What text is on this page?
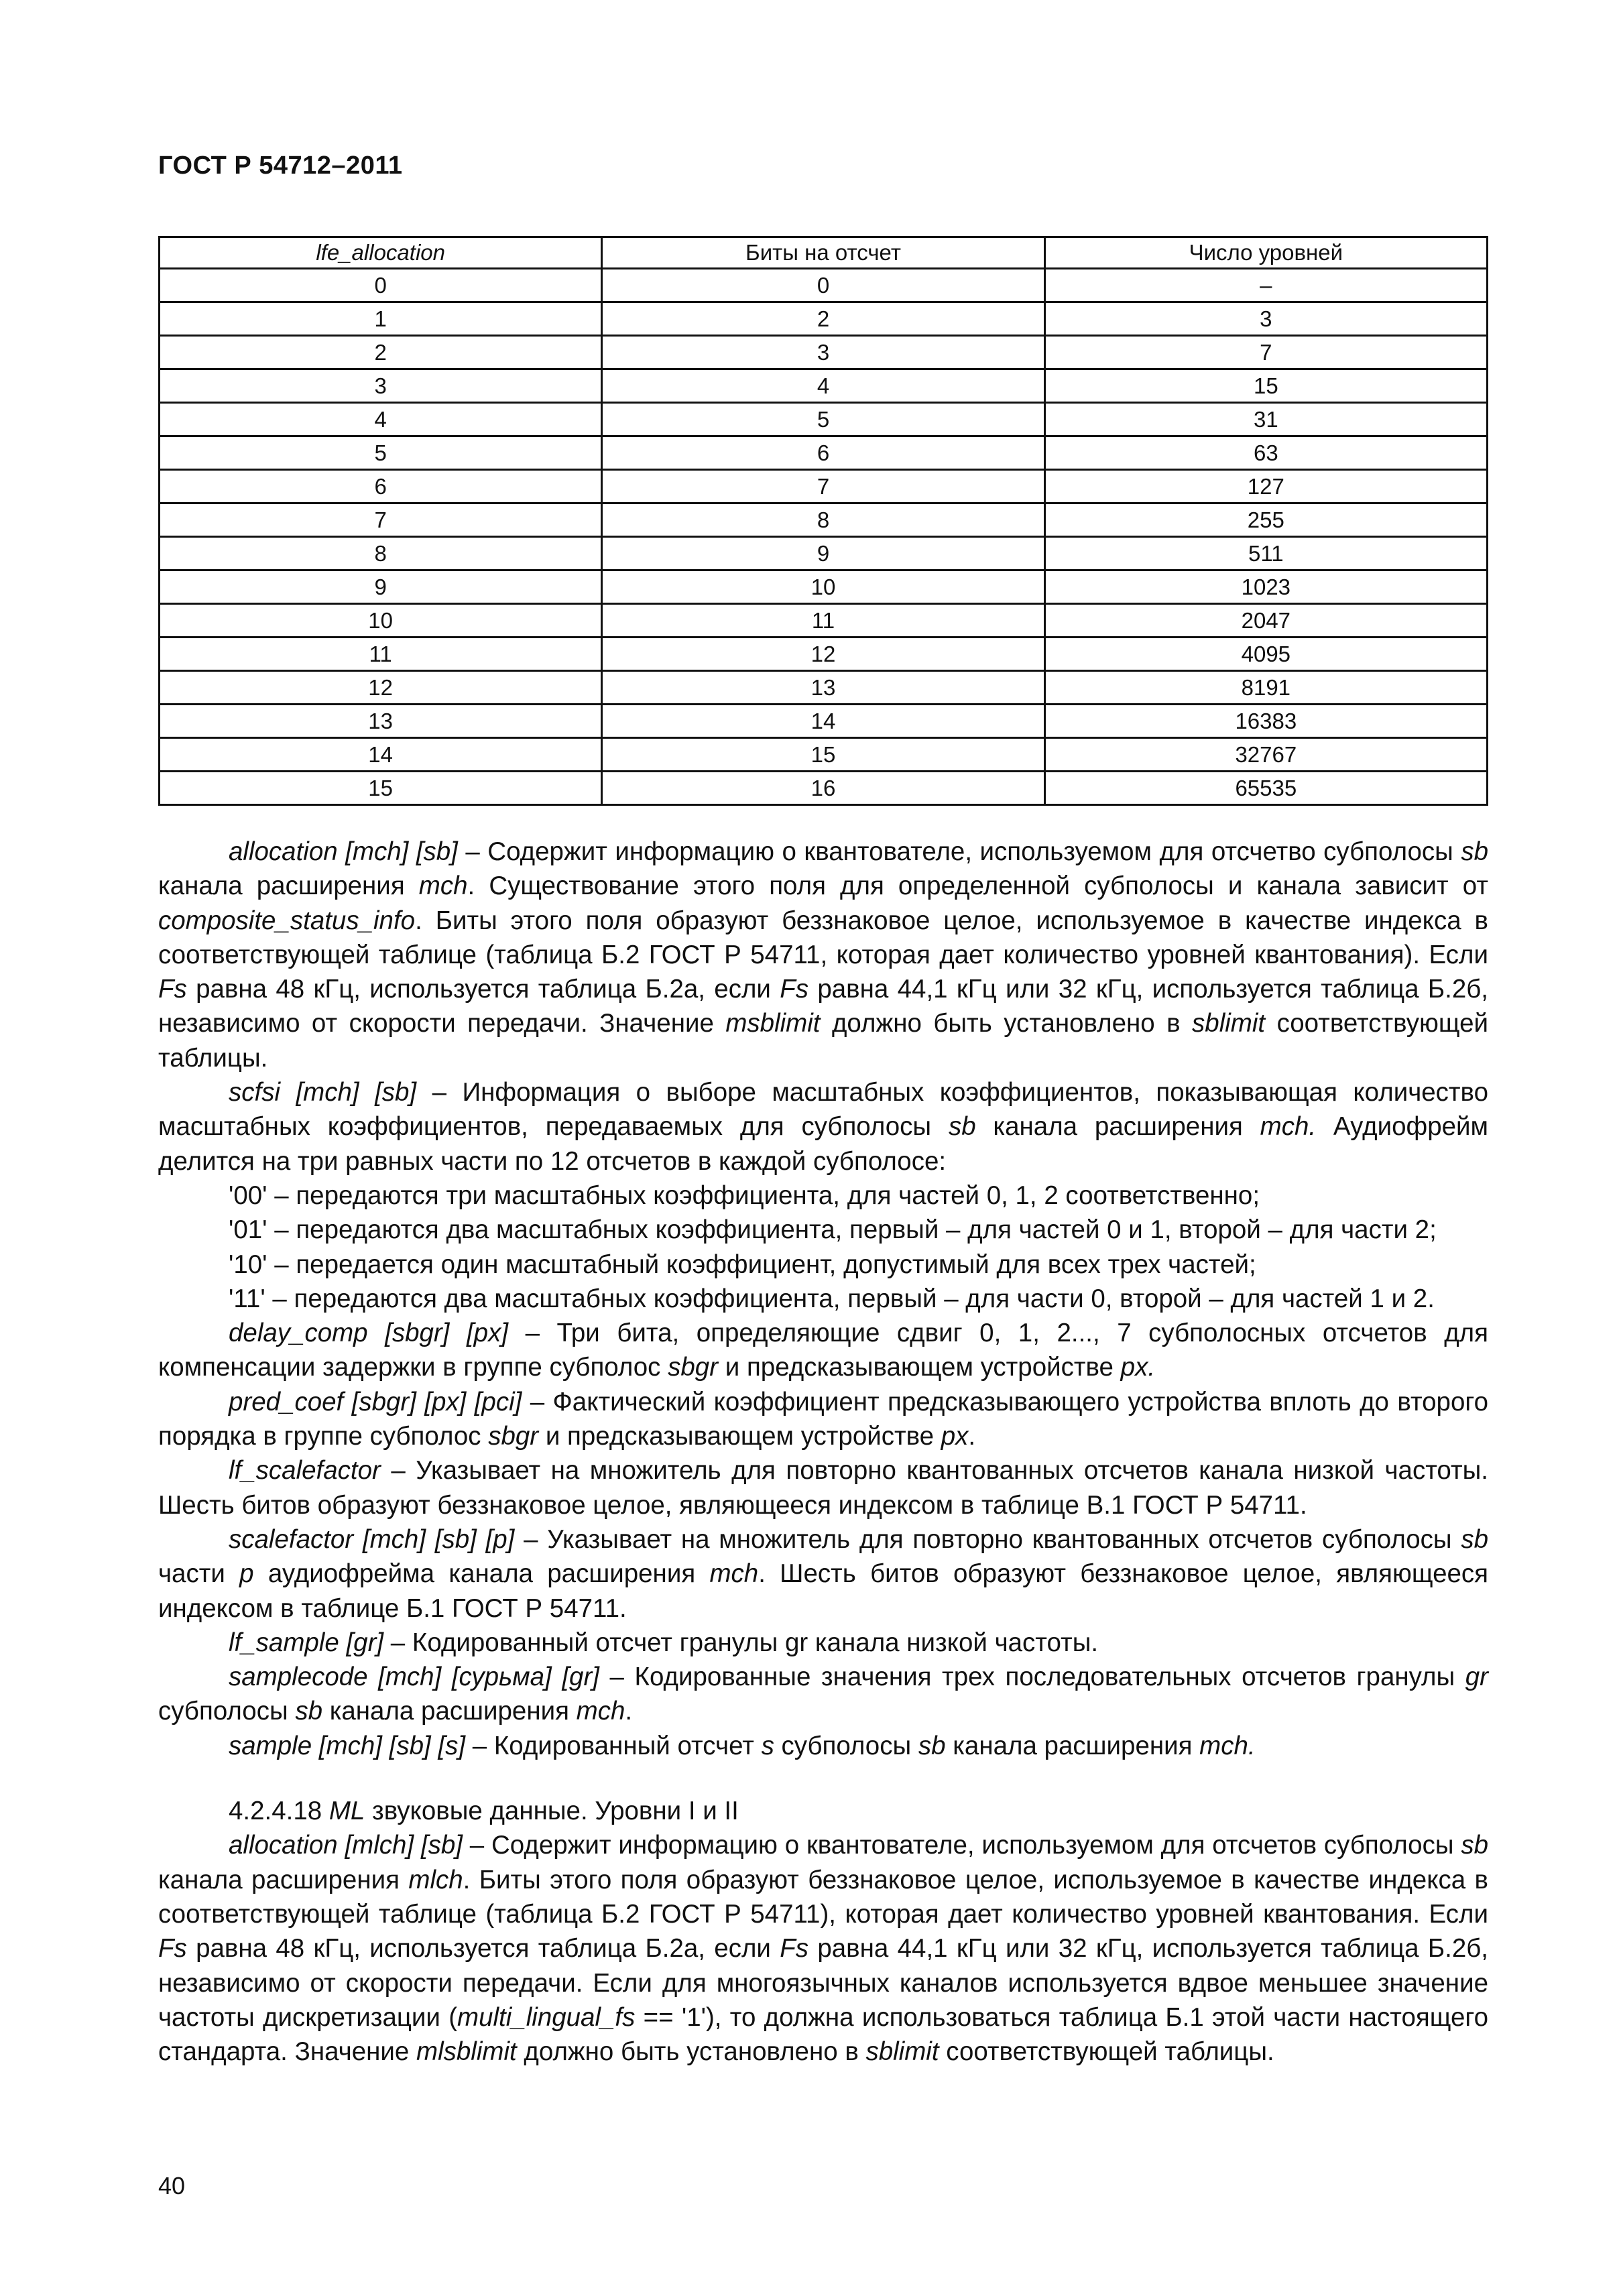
ГОСТ Р 54712–2011
lfe_allocation	Биты на отсчет	Число уровней
0	0	–
1	2	3
2	3	7
3	4	15
4	5	31
5	6	63
6	7	127
7	8	255
8	9	511
9	10	1023
10	11	2047
11	12	4095
12	13	8191
13	14	16383
14	15	32767
15	16	65535

allocation [mch] [sb] – Содержит информацию о квантователе, используемом для отсчетво субполосы sb канала расширения mch. Существование этого поля для определенной субполосы и канала зависит от composite_status_info. Биты этого поля образуют беззнаковое целое, используемое в качестве индекса в соответствующей таблице (таблица Б.2 ГОСТ Р 54711, которая дает количество уровней квантования). Если Fs равна 48 кГц, используется таблица Б.2а, если Fs равна 44,1 кГц или 32 кГц, используется таблица Б.2б, независимо от скорости передачи. Значение msblimit должно быть установлено в sblimit соответствующей таблицы.

scfsi [mch] [sb] – Информация о выборе масштабных коэффициентов, показывающая количество масштабных коэффициентов, передаваемых для субполосы sb канала расширения mch. Аудиофрейм делится на три равных части по 12 отсчетов в каждой субполосе:

'00' – передаются три масштабных коэффициента, для частей 0, 1, 2 соответственно;

'01' – передаются два масштабных коэффициента, первый – для частей 0 и 1, второй – для части 2;

'10' – передается один масштабный коэффициент, допустимый для всех трех частей;

'11' – передаются два масштабных коэффициента, первый – для части 0, второй – для частей 1 и 2.

delay_comp [sbgr] [px] – Три бита, определяющие сдвиг 0, 1, 2..., 7 субполосных отсчетов для компенсации задержки в группе субполос sbgr и предсказывающем устройстве px.

pred_coef [sbgr] [px] [pci] – Фактический коэффициент предсказывающего устройства вплоть до второго порядка в группе субполос sbgr и предсказывающем устройстве px.

lf_scalefactor – Указывает на множитель для повторно квантованных отсчетов канала низкой частоты. Шесть битов образуют беззнаковое целое, являющееся индексом в таблице В.1 ГОСТ Р 54711.

scalefactor [mch] [sb] [p] – Указывает на множитель для повторно квантованных отсчетов субполосы sb части p аудиофрейма канала расширения mch. Шесть битов образуют беззнаковое целое, являющееся индексом в таблице Б.1 ГОСТ Р 54711.

lf_sample [gr] – Кодированный отсчет гранулы gr канала низкой частоты.

samplecode [mch] [сурьма] [gr] – Кодированные значения трех последовательных отсчетов гранулы gr субполосы sb канала расширения mch.

sample [mch] [sb] [s] – Кодированный отсчет s субполосы sb канала расширения mch.

4.2.4.18 ML звуковые данные. Уровни I и II

allocation [mlch] [sb] – Содержит информацию о квантователе, используемом для отсчетов субполосы sb канала расширения mlch. Биты этого поля образуют беззнаковое целое, используемое в качестве индекса в соответствующей таблице (таблица Б.2 ГОСТ Р 54711), которая дает количество уровней квантования. Если Fs равна 48 кГц, используется таблица Б.2а, если Fs равна 44,1 кГц или 32 кГц, используется таблица Б.2б, независимо от скорости передачи. Если для многоязычных каналов используется вдвое меньшее значение частоты дискретизации (multi_lingual_fs == '1'), то должна использоваться таблица Б.1 этой части настоящего стандарта. Значение mlsblimit должно быть установлено в sblimit соответствующей таблицы.

40
